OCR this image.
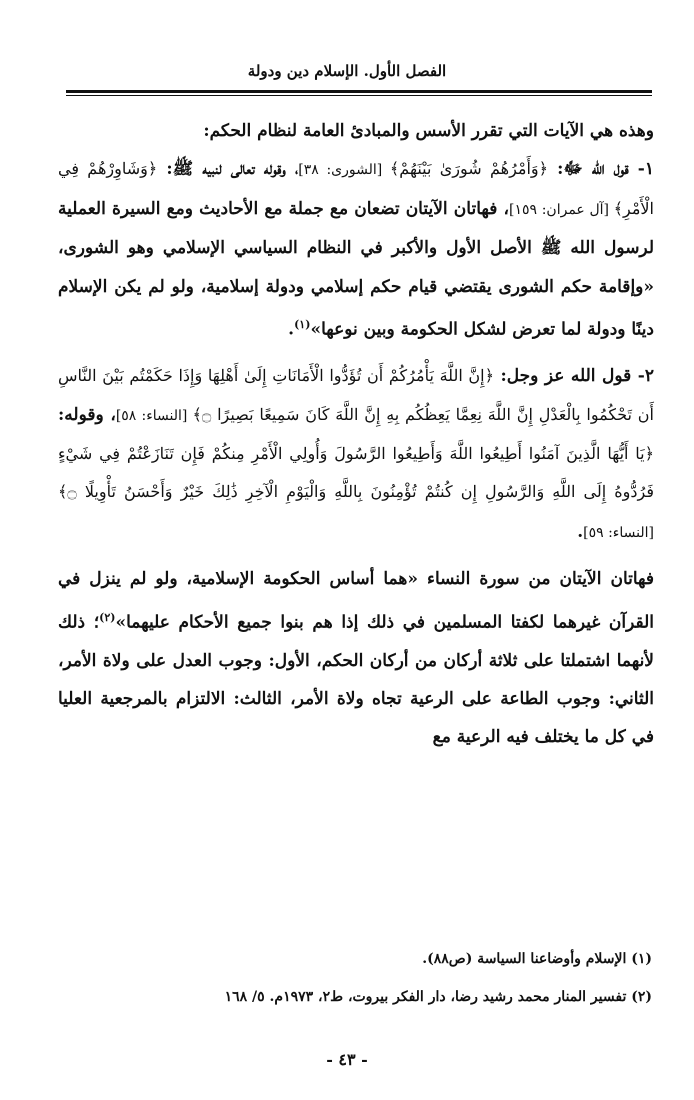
الفصل الأول. الإسلام دين ودولة

وهذه هي الآيات التي تقرر الأسس والمبادئ العامة لنظام الحكم:

١- قول الله ﷻ: ﴿وَأَمْرُهُمْ شُورَىٰ بَيْنَهُمْ﴾ [الشورى: ٣٨]، وقوله تعالى لنبيه ﷺ: ﴿وَشَاوِرْهُمْ فِي الْأَمْرِ﴾ [آل عمران: ١٥٩]، فهاتان الآيتان تضعان مع جملة مع الأحاديث ومع السيرة العملية لرسول الله ﷺ الأصل الأول والأكبر في النظام السياسي الإسلامي وهو الشورى، «وإقامة حكم الشورى يقتضي قيام حكم إسلامي ودولة إسلامية، ولو لم يكن الإسلام دينًا ودولة لما تعرض لشكل الحكومة وبين نوعها»$^{(١)}$.

٢- قول الله عز وجل: ﴿إِنَّ اللَّهَ يَأْمُرُكُمْ أَن تُؤَدُّوا الْأَمَانَاتِ إِلَىٰ أَهْلِهَا وَإِذَا حَكَمْتُم بَيْنَ النَّاسِ أَن تَحْكُمُوا بِالْعَدْلِ إِنَّ اللَّهَ نِعِمَّا يَعِظُكُم بِهِ إِنَّ اللَّهَ كَانَ سَمِيعًا بَصِيرًا ۝﴾ [النساء: ٥٨]، وقوله: ﴿يَا أَيُّهَا الَّذِينَ آمَنُوا أَطِيعُوا اللَّهَ وَأَطِيعُوا الرَّسُولَ وَأُولِي الْأَمْرِ مِنكُمْ فَإِن تَنَازَعْتُمْ فِي شَيْءٍ فَرُدُّوهُ إِلَى اللَّهِ وَالرَّسُولِ إِن كُنتُمْ تُؤْمِنُونَ بِاللَّهِ وَالْيَوْمِ الْآخِرِ ذَٰلِكَ خَيْرٌ وَأَحْسَنُ تَأْوِيلًا ۝﴾ [النساء: ٥٩].

فهاتان الآيتان من سورة النساء «هما أساس الحكومة الإسلامية، ولو لم ينزل في القرآن غيرهما لكفتا المسلمين في ذلك إذا هم بنوا جميع الأحكام عليهما»$^{(٢)}$؛ ذلك لأنهما اشتملتا على ثلاثة أركان من أركان الحكم، الأول: وجوب العدل على ولاة الأمر، الثاني: وجوب الطاعة على الرعية تجاه ولاة الأمر، الثالث: الالتزام بالمرجعية العليا في كل ما يختلف فيه الرعية مع

(١) الإسلام وأوضاعنا السياسة (ص٨٨).

(٢) تفسير المنار محمد رشيد رضا، دار الفكر بيروت، ط٢، ١٩٧٣م. ٥/ ١٦٨

- ٤٣ -
